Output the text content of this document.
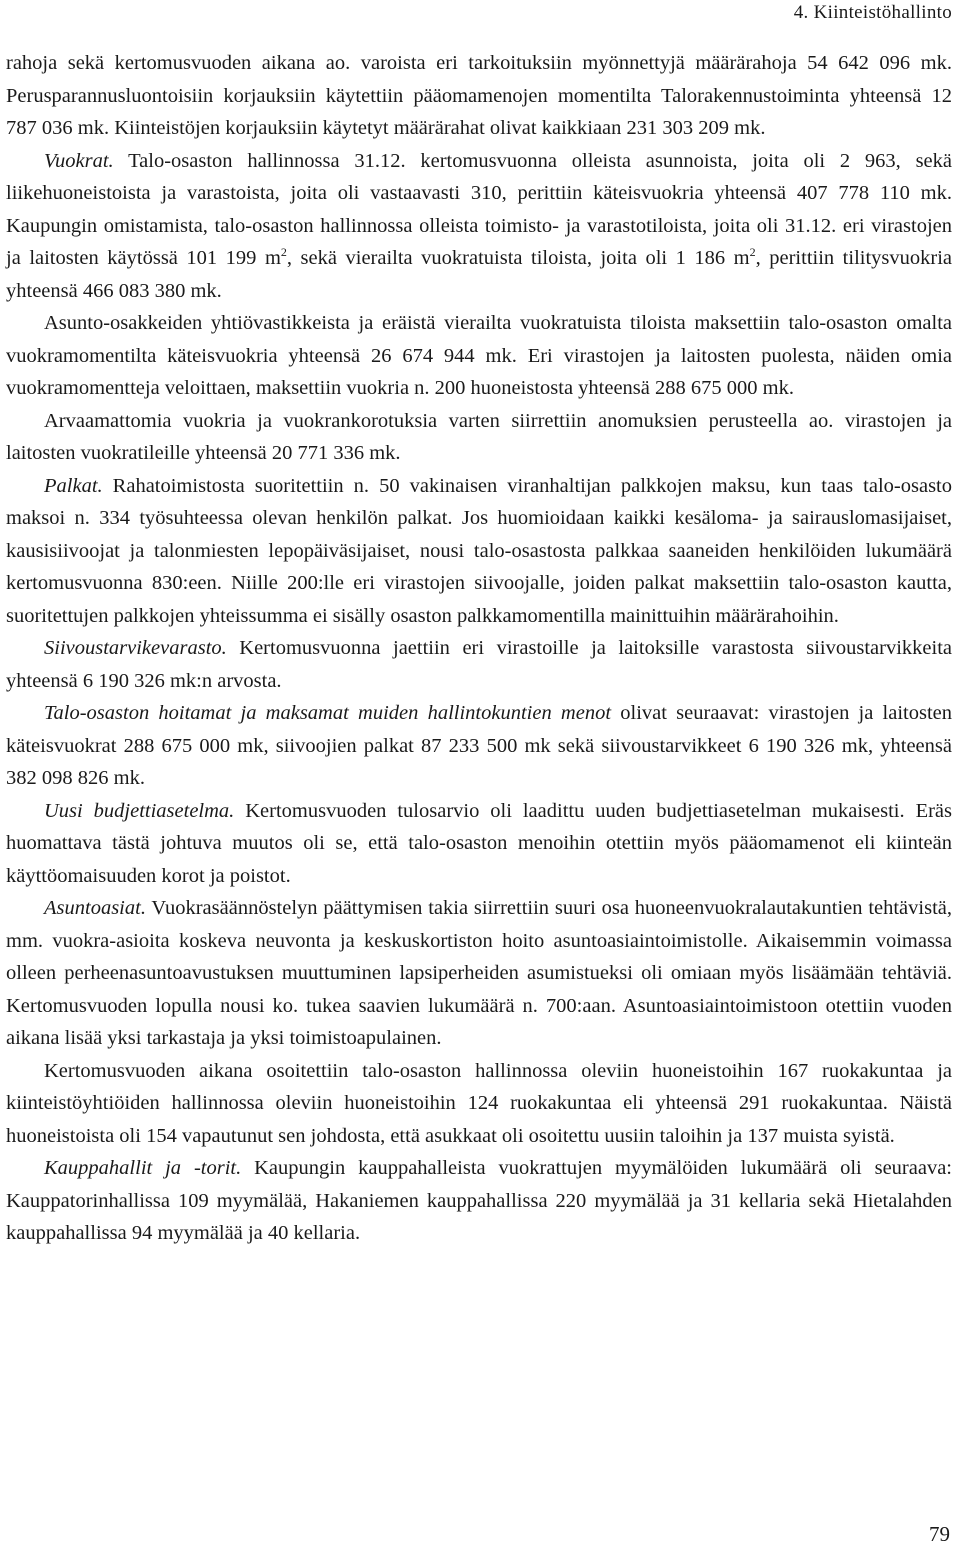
4. Kiinteistöhallinto

rahoja sekä kertomusvuoden aikana ao. varoista eri tarkoituksiin myönnettyjä määrärahoja 54 642 096 mk. Perusparannusluontoisiin korjauksiin käytettiin pääomamenojen momentilta Talorakennustoiminta yhteensä 12 787 036 mk. Kiinteistöjen korjauksiin käytetyt määrärahat olivat kaikkiaan 231 303 209 mk.

Vuokrat. Talo-osaston hallinnossa 31.12. kertomusvuonna olleista asunnoista, joita oli 2 963, sekä liikehuoneistoista ja varastoista, joita oli vastaavasti 310, perittiin käteisvuokria yhteensä 407 778 110 mk. Kaupungin omistamista, talo-osaston hallinnossa olleista toimisto- ja varastotiloista, joita oli 31.12. eri virastojen ja laitosten käytössä 101 199 $m^2$, sekä vierailta vuokratuista tiloista, joita oli 1 186 $m^2$, perittiin tilitysvuokria yhteensä 466 083 380 mk.

Asunto-osakkeiden yhtiövastikkeista ja eräistä vierailta vuokratuista tiloista maksettiin talo-osaston omalta vuokramomentilta käteisvuokria yhteensä 26 674 944 mk. Eri virastojen ja laitosten puolesta, näiden omia vuokramomentteja veloittaen, maksettiin vuokria n. 200 huoneistosta yhteensä 288 675 000 mk.

Arvaamattomia vuokria ja vuokrankorotuksia varten siirrettiin anomuksien perusteella ao. virastojen ja laitosten vuokratileille yhteensä 20 771 336 mk.

Palkat. Rahatoimistosta suoritettiin n. 50 vakinaisen viranhaltijan palkkojen maksu, kun taas talo-osasto maksoi n. 334 työsuhteessa olevan henkilön palkat. Jos huomioidaan kaikki kesäloma- ja sairauslomasijaiset, kausisiivoojat ja talonmiesten lepopäiväsijaiset, nousi talo-osastosta palkkaa saaneiden henkilöiden lukumäärä kertomusvuonna 830:een. Niille 200:lle eri virastojen siivoojalle, joiden palkat maksettiin talo-osaston kautta, suoritettujen palkkojen yhteissumma ei sisälly osaston palkkamomentilla mainittuihin määrärahoihin.

Siivoustarvikevarasto. Kertomusvuonna jaettiin eri virastoille ja laitoksille varastosta siivoustarvikkeita yhteensä 6 190 326 mk:n arvosta.

Talo-osaston hoitamat ja maksamat muiden hallintokuntien menot olivat seuraavat: virastojen ja laitosten käteisvuokrat 288 675 000 mk, siivoojien palkat 87 233 500 mk sekä siivoustarvikkeet 6 190 326 mk, yhteensä 382 098 826 mk.

Uusi budjettiasetelma. Kertomusvuoden tulosarvio oli laadittu uuden budjettiasetelman mukaisesti. Eräs huomattava tästä johtuva muutos oli se, että talo-osaston menoihin otettiin myös pääomamenot eli kiinteän käyttöomaisuuden korot ja poistot.

Asuntoasiat. Vuokrasäännöstelyn päättymisen takia siirrettiin suuri osa huoneenvuokralautakuntien tehtävistä, mm. vuokra-asioita koskeva neuvonta ja keskuskortiston hoito asuntoasiaintoimistolle. Aikaisemmin voimassa olleen perheenasuntoavustuksen muuttuminen lapsiperheiden asumistueksi oli omiaan myös lisäämään tehtäviä. Kertomusvuoden lopulla nousi ko. tukea saavien lukumäärä n. 700:aan. Asuntoasiaintoimistoon otettiin vuoden aikana lisää yksi tarkastaja ja yksi toimistoapulainen.

Kertomusvuoden aikana osoitettiin talo-osaston hallinnossa oleviin huoneistoihin 167 ruokakuntaa ja kiinteistöyhtiöiden hallinnossa oleviin huoneistoihin 124 ruokakuntaa eli yhteensä 291 ruokakuntaa. Näistä huoneistoista oli 154 vapautunut sen johdosta, että asukkaat oli osoitettu uusiin taloihin ja 137 muista syistä.

Kauppahallit ja -torit. Kaupungin kauppahalleista vuokrattujen myymälöiden lukumäärä oli seuraava: Kauppatorinhallissa 109 myymälää, Hakaniemen kauppahallissa 220 myymälää ja 31 kellaria sekä Hietalahden kauppahallissa 94 myymälää ja 40 kellaria.

79
